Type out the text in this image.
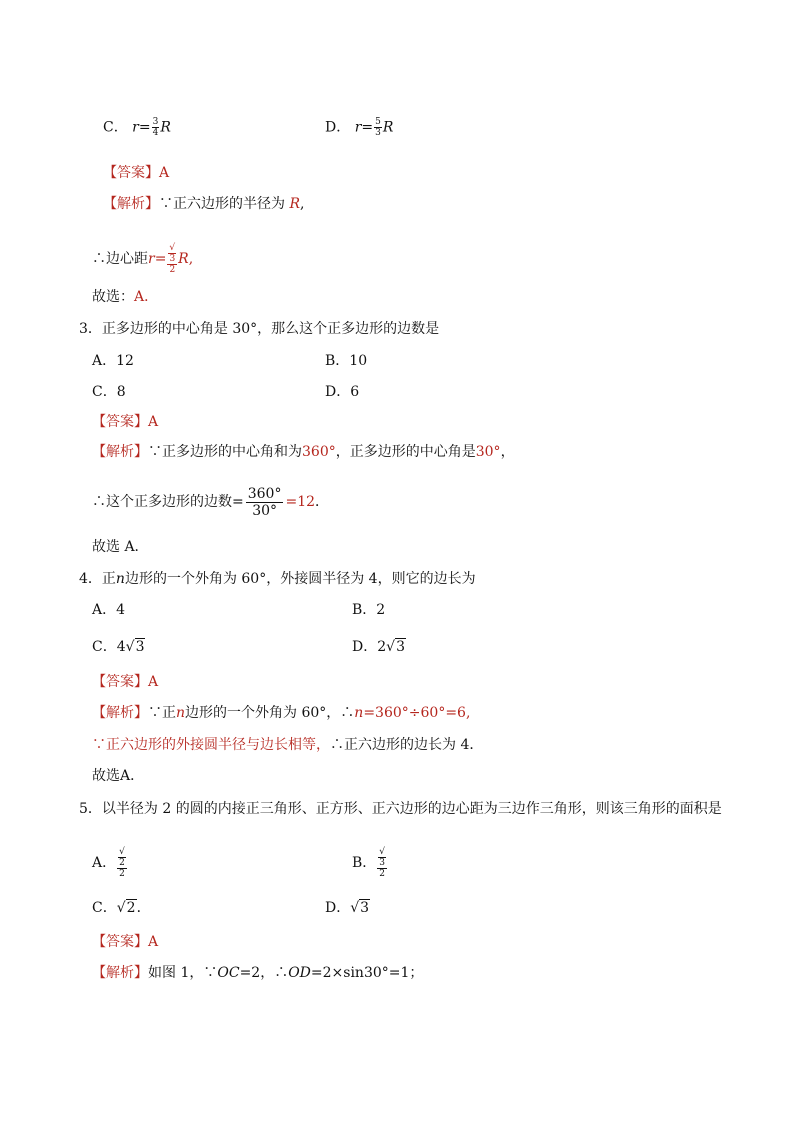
C． $r= \frac{3}{4}$ R	D． $r= \frac{5}{3}$ R
【答案】A
【解析】∵正六边形的半径为 R,
∴边心距r= √
3
2 R,
故选：A．
3．正多边形的中心角是 30°，那么这个正多边形的边数是
A．12	B．10
C．8	D．6
【答案】A
【解析】∵正多边形的中心角和为360°，正多边形的中心角是30°，
∴这个正多边形的边数= $\frac{360^\circ}{30^\circ} =12$．
故选 A．
4．正n边形的一个外角为 60°，外接圆半径为 4，则它的边长为
A．4	B．2
C．4√3	D．2√3
【答案】A
【解析】∵正n边形的一个外角为 60°，∴n=360°÷60°=6,
∵正六边形的外接圆半径与边长相等，∴正六边形的边长为 4．
故选A．
5．以半径为 2 的圆的内接正三角形、正方形、正六边形的边心距为三边作三角形，则该三角形的面积是
A． √
2
2	B． √
3
2
C．√2．	D．√3
【答案】A
【解析】如图 1，∵OC=2，∴OD=2×sin30°=1；
